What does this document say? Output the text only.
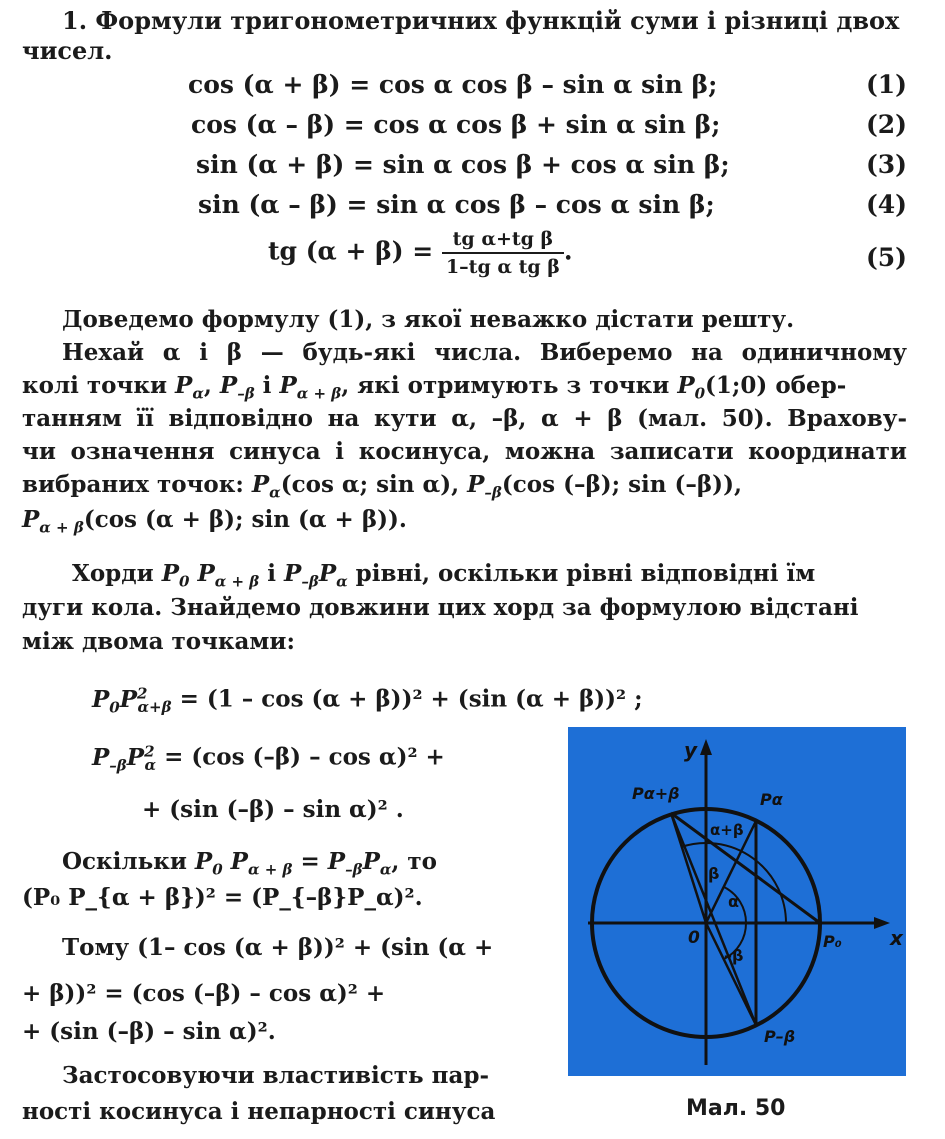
1. Формули тригонометричних функцій суми і різниці двох
чисел.
cos (α + β) = cos α cos β – sin α sin β;	(1)
cos (α – β) = cos α cos β + sin α sin β;	(2)
sin (α + β) = sin α cos β + cos α sin β;	(3)
sin (α – β) = sin α cos β – cos α sin β;	(4)
tg $(\alpha + \beta) = \frac{\text{tg α+tg β}}{\text{1–tg α tg β}}$ .	(5)
Доведемо формулу (1), з якої неважко дістати решту.
Нехай α і β — будь-які числа. Виберемо на одиничному
колі точки $P_\alpha$, $P_{-\beta}$ і $P_{\alpha + \beta}$, які отримують з точки $P_0(1;0)$ обер-
танням її відповідно на кути α, –β, α + β (мал. 50). Врахову-
чи означення синуса і косинуса, можна записати координати
вибраних точок: $P_\alpha(\cos$ α; sin α), $P_{-\beta}(\cos$ (–β); sin (–β)),
$P_{\alpha + \beta}(\cos$ (α + β); sin (α + β)).
Хорди $P_0$ $P_{\alpha + \beta}$ і $P_{-\beta}P_\alpha$ рівні, оскільки рівні відповідні їм
дуги кола. Знайдемо довжини цих хорд за формулою відстані
між двома точками:
$P_0P^2_{\alpha+\beta} = (1 - \cos (\alpha + \beta))^2 + (\sin$ (α + β))² ;
$P_{-\beta}P^2_\alpha = (\cos$ (–β) – cos α)² +
+ (sin (–β) – sin α)² .
Оскільки $P_0$ $P_{\alpha + \beta} = P_{-\beta}P_\alpha$, то
(P₀ P_{α + β})² = (P_{–β}P_α)².
Тому (1– cos (α + β))² + (sin (α +
+ β))² = (cos (–β) – cos α)² +
+ (sin (–β) – sin α)².
Застосовуючи властивість пар-
ності косинуса і непарності синуса
y
x
0
Pα+β	Pα
P₀
P–β
α+β
β
α
–β
Мал. 50
